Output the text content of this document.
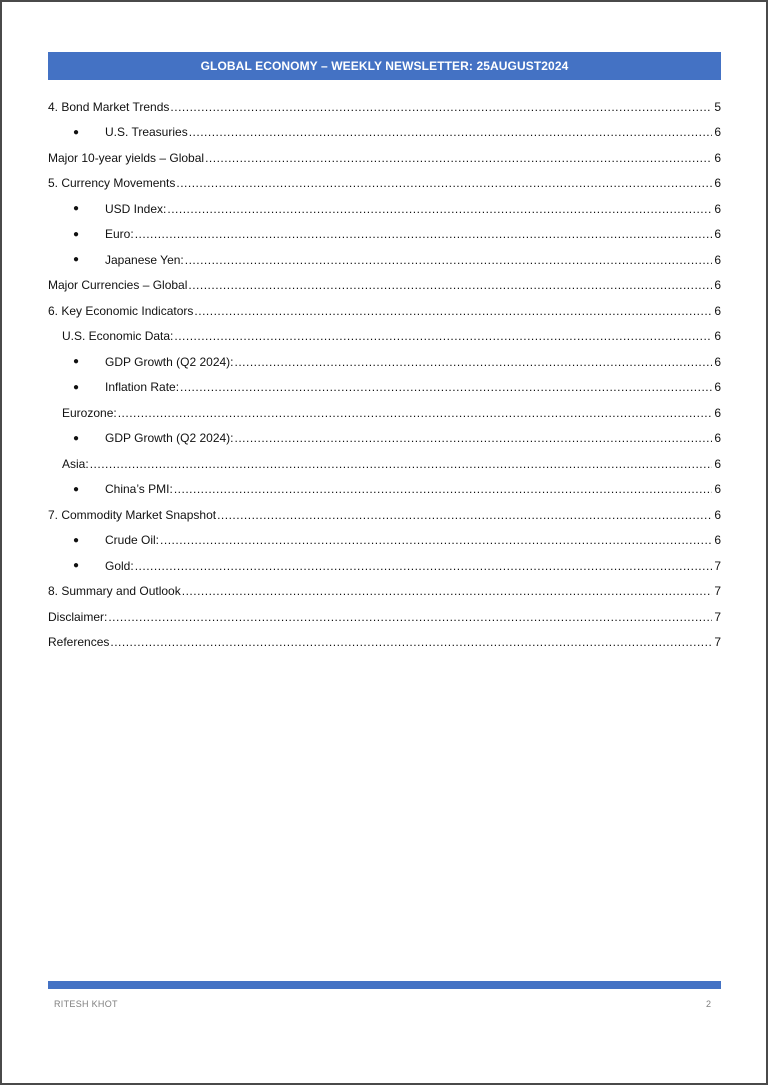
GLOBAL ECONOMY – WEEKLY NEWSLETTER: 25AUGUST2024
4. Bond Market Trends .....	5
●	U.S. Treasuries .....	6
Major 10-year yields – Global .....	6
5. Currency Movements .....	6
●	USD Index: .....	6
●	Euro: .....	6
●	Japanese Yen: .....	6
Major Currencies – Global .....	6
6. Key Economic Indicators .....	6
U.S. Economic Data: .....	6
●	GDP Growth (Q2 2024): .....	6
●	Inflation Rate: .....	6
Eurozone: .....	6
●	GDP Growth (Q2 2024): .....	6
Asia: .....	6
●	China’s PMI: .....	6
7. Commodity Market Snapshot .....	6
●	Crude Oil: .....	6
●	Gold: .....	7
8. Summary and Outlook .....	7
Disclaimer: .....	7
References .....	7
RITESH KHOT	2
